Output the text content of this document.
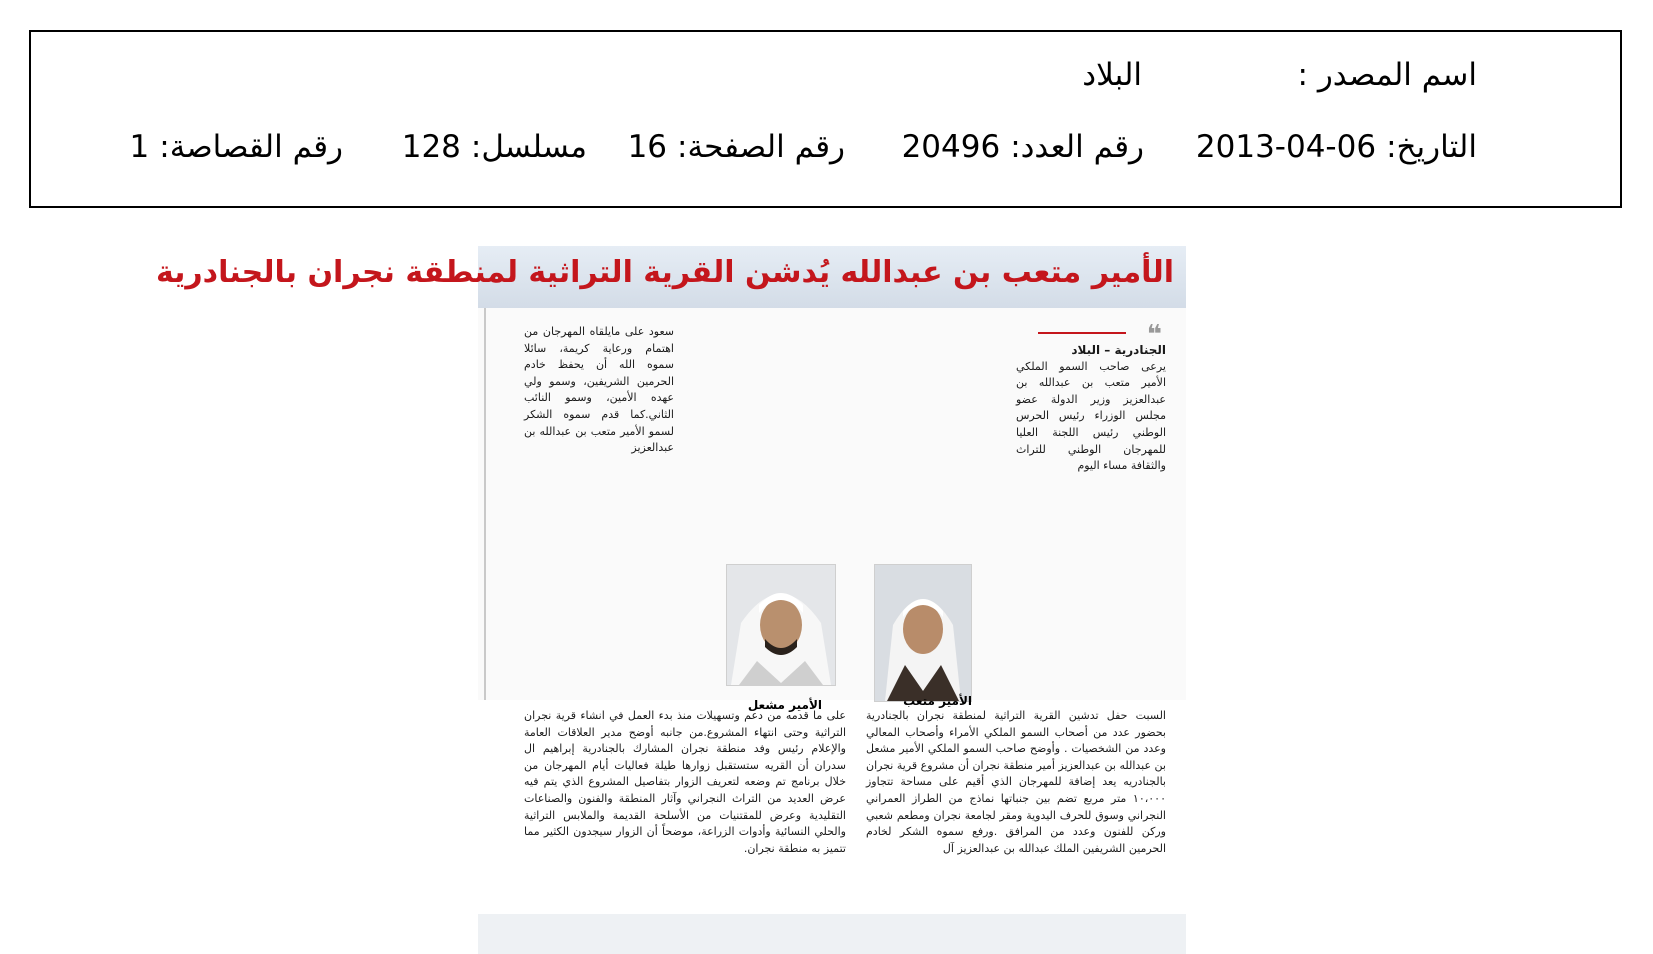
اسم المصدر :
البلاد
التاريخ:
2013-04-06
رقم العدد:
20496
رقم الصفحة:
16
مسلسل:
128
رقم القصاصة:
1
الأمير متعب بن عبدالله يُدشن القرية التراثية لمنطقة نجران بالجنادرية
❝

الجنادرية – البلاد

يرعى صاحب السمو الملكي الأمير متعب بن عبدالله بن عبدالعزيز وزير الدولة عضو مجلس الوزراء رئيس الحرس الوطني رئيس اللجنة العليا للمهرجان الوطني للتراث والثقافة مساء اليوم

سعود على مايلقاه المهرجان من اهتمام ورعاية كريمة، سائلا سموه الله أن يحفظ خادم الحرمين الشريفين، وسمو ولي عهده الأمين، وسمو النائب الثاني.كما قدم سموه الشكر لسمو الأمير متعب بن عبدالله بن عبدالعزيز

الأمير متعب
الأمير مشعل

السبت حفل تدشين القرية التراثية لمنطقة نجران بالجنادرية بحضور عدد من أصحاب السمو الملكي الأمراء وأصحاب المعالي وعدد من الشخصيات . وأوضح صاحب السمو الملكي الأمير مشعل بن عبدالله بن عبدالعزيز أمير منطقة نجران أن مشروع قرية نجران بالجنادريه يعد إضافة للمهرجان الذي أقيم على مساحة تتجاوز ١٠،٠٠٠ متر مربع تضم بين جنباتها نماذج من الطراز العمراني النجراني وسوق للحرف اليدوية ومقر لجامعة نجران ومطعم شعبي وركن للفنون وعدد من المرافق .ورفع سموه الشكر لخادم الحرمين الشريفين الملك عبدالله بن عبدالعزيز آل

على ما قدمه من دعم وتسهيلات منذ بدء العمل في انشاء قرية نجران التراثية وحتى انتهاء المشروع.من جانبه أوضح مدير العلاقات العامة والإعلام رئيس وفد منطقة نجران المشارك بالجنادرية إبراهيم ال سدران أن القريه ستستقبل زوارها طيلة فعاليات أيام المهرجان من خلال برنامج تم وضعه لتعريف الزوار بتفاصيل المشروع الذي يتم فيه عرض العديد من التراث النجراني وآثار المنطقة والفنون والصناعات التقليدية وعرض للمقتنيات من الأسلحة القديمة والملابس التراثية والحلي النسائية وأدوات الزراعة، موضحاً أن الزوار سيجدون الكثير مما تتميز به منطقة نجران.
